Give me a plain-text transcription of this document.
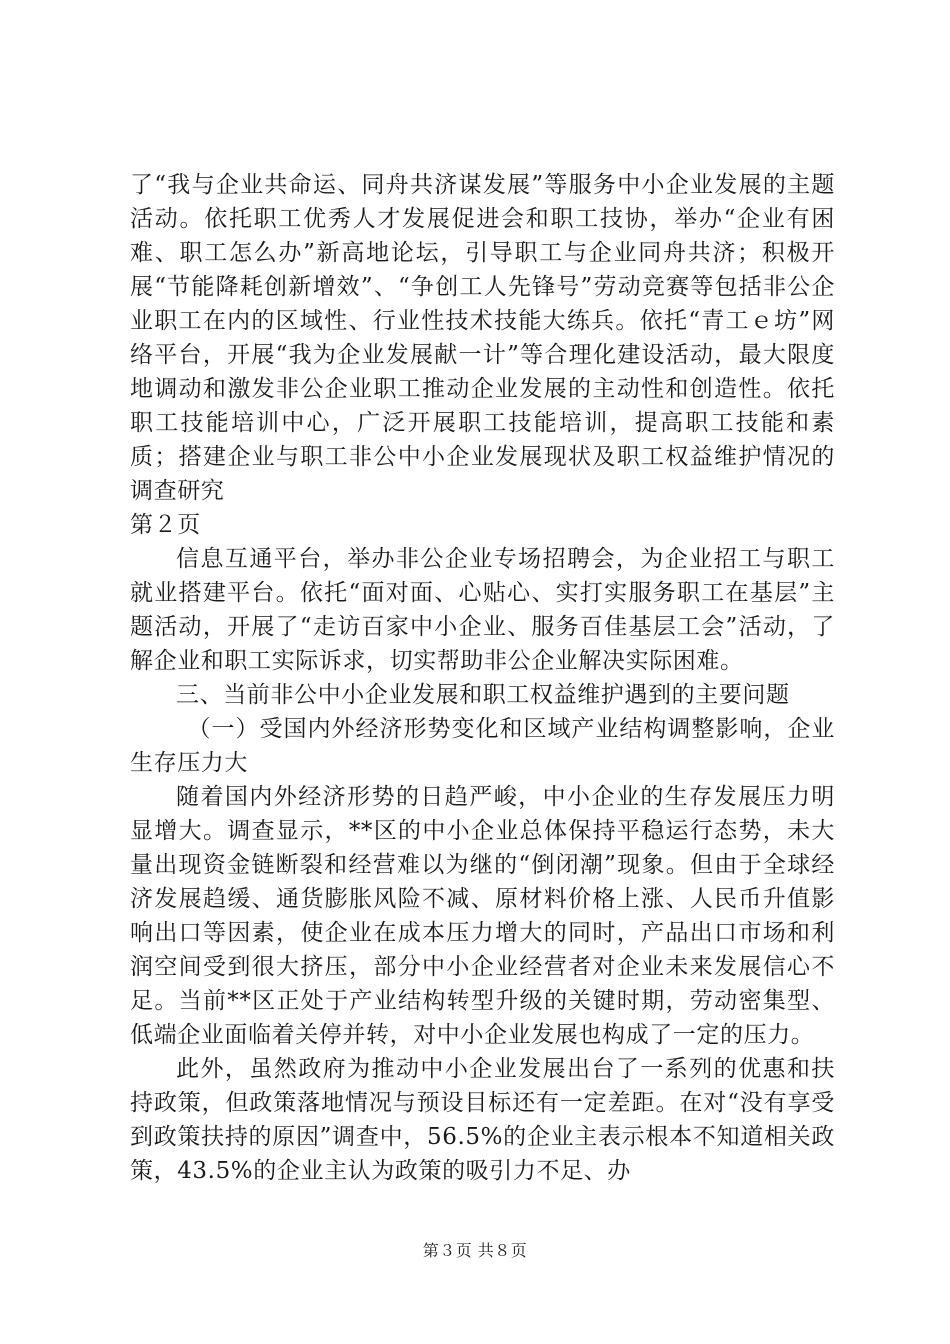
了“我与企业共命运、同舟共济谋发展”等服务中小企业发展的主题活动。依托职工优秀人才发展促进会和职工技协，举办“企业有困难、职工怎么办”新高地论坛，引导职工与企业同舟共济；积极开展“节能降耗创新增效”、“争创工人先锋号”劳动竞赛等包括非公企业职工在内的区域性、行业性技术技能大练兵。依托“青工ｅ坊”网络平台，开展“我为企业发展献一计”等合理化建设活动，最大限度地调动和激发非公企业职工推动企业发展的主动性和创造性。依托职工技能培训中心，广泛开展职工技能培训，提高职工技能和素质；搭建企业与职工非公中小企业发展现状及职工权益维护情况的调查研究

第２页

信息互通平台，举办非公企业专场招聘会，为企业招工与职工就业搭建平台。依托“面对面、心贴心、实打实服务职工在基层”主题活动，开展了“走访百家中小企业、服务百佳基层工会”活动，了解企业和职工实际诉求，切实帮助非公企业解决实际困难。

三、当前非公中小企业发展和职工权益维护遇到的主要问题

（一）受国内外经济形势变化和区域产业结构调整影响，企业生存压力大

随着国内外经济形势的日趋严峻，中小企业的生存发展压力明显增大。调查显示，**区的中小企业总体保持平稳运行态势，未大量出现资金链断裂和经营难以为继的“倒闭潮”现象。但由于全球经济发展趋缓、通货膨胀风险不减、原材料价格上涨、人民币升值影响出口等因素，使企业在成本压力增大的同时，产品出口市场和利润空间受到很大挤压，部分中小企业经营者对企业未来发展信心不足。当前**区正处于产业结构转型升级的关键时期，劳动密集型、低端企业面临着关停并转，对中小企业发展也构成了一定的压力。

此外，虽然政府为推动中小企业发展出台了一系列的优惠和扶持政策，但政策落地情况与预设目标还有一定差距。在对“没有享受到政策扶持的原因”调查中，56.5%的企业主表示根本不知道相关政策，43.5%的企业主认为政策的吸引力不足、办

第３页 共８页
